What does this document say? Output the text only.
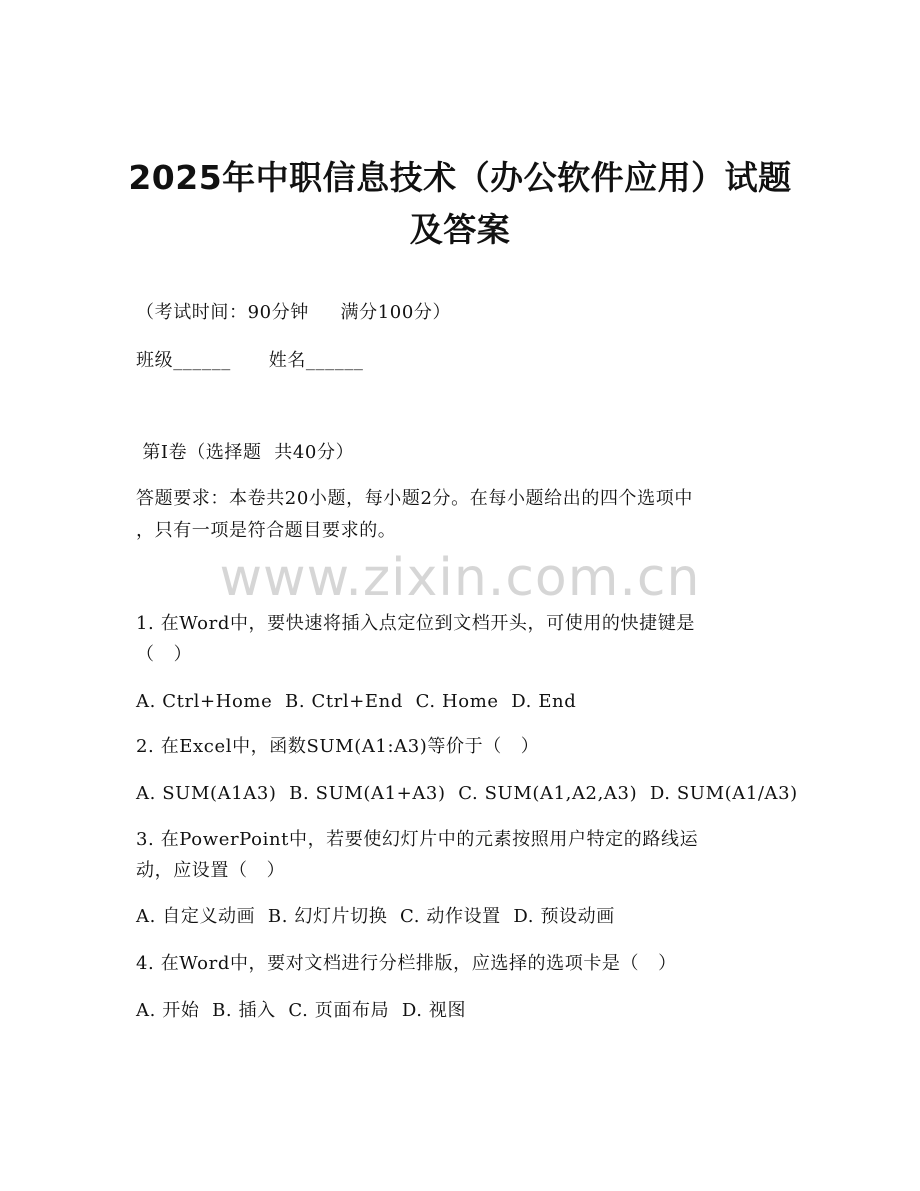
2025年中职信息技术（办公软件应用）试题
及答案
（考试时间：90分钟     满分100分）
班级______      姓名______
第Ⅰ卷（选择题  共40分）
答题要求：本卷共20小题，每小题2分。在每小题给出的四个选项中
，只有一项是符合题目要求的。
www.zixin.com.cn
1. 在Word中，要快速将插入点定位到文档开头，可使用的快捷键是
（   ）
A. Ctrl+Home  B. Ctrl+End  C. Home  D. End
2. 在Excel中，函数SUM(A1:A3)等价于（   ）
A. SUM(A1A3)  B. SUM(A1+A3)  C. SUM(A1,A2,A3)  D. SUM(A1/A3)
3. 在PowerPoint中，若要使幻灯片中的元素按照用户特定的路线运
动，应设置（   ）
A. 自定义动画  B. 幻灯片切换  C. 动作设置  D. 预设动画
4. 在Word中，要对文档进行分栏排版，应选择的选项卡是（   ）
A. 开始  B. 插入  C. 页面布局  D. 视图
